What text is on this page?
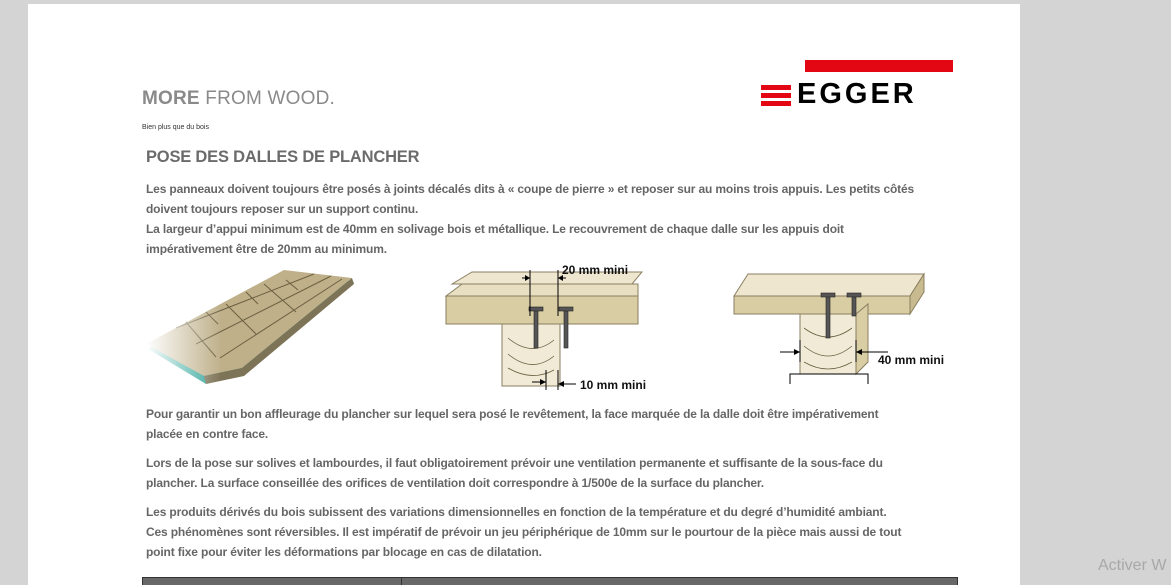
MORE FROM WOOD.
Bien plus que du bois
EGGER
POSE DES DALLES DE PLANCHER
Les panneaux doivent toujours être posés à joints décalés dits à « coupe de pierre » et reposer sur au moins trois appuis. Les petits côtés
doivent toujours reposer sur un support continu.
La largeur d’appui minimum est de 40mm en solivage bois et métallique. Le recouvrement de chaque dalle sur les appuis doit
impérativement être de 20mm au minimum.
20 mm mini
10 mm mini
40 mm mini
Pour garantir un bon affleurage du plancher sur lequel sera posé le revêtement, la face marquée de la dalle doit être impérativement
placée en contre face.
Lors de la pose sur solives et lambourdes, il faut obligatoirement prévoir une ventilation permanente et suffisante de la sous-face du
plancher. La surface conseillée des orifices de ventilation doit correspondre à 1/500e de la surface du plancher.
Les produits dérivés du bois subissent des variations dimensionnelles en fonction de la température et du degré d’humidité ambiant.
Ces phénomènes sont réversibles. Il est impératif de prévoir un jeu périphérique de 10mm sur le pourtour de la pièce mais aussi de tout
point fixe pour éviter les déformations par blocage en cas de dilatation.
Activer W
